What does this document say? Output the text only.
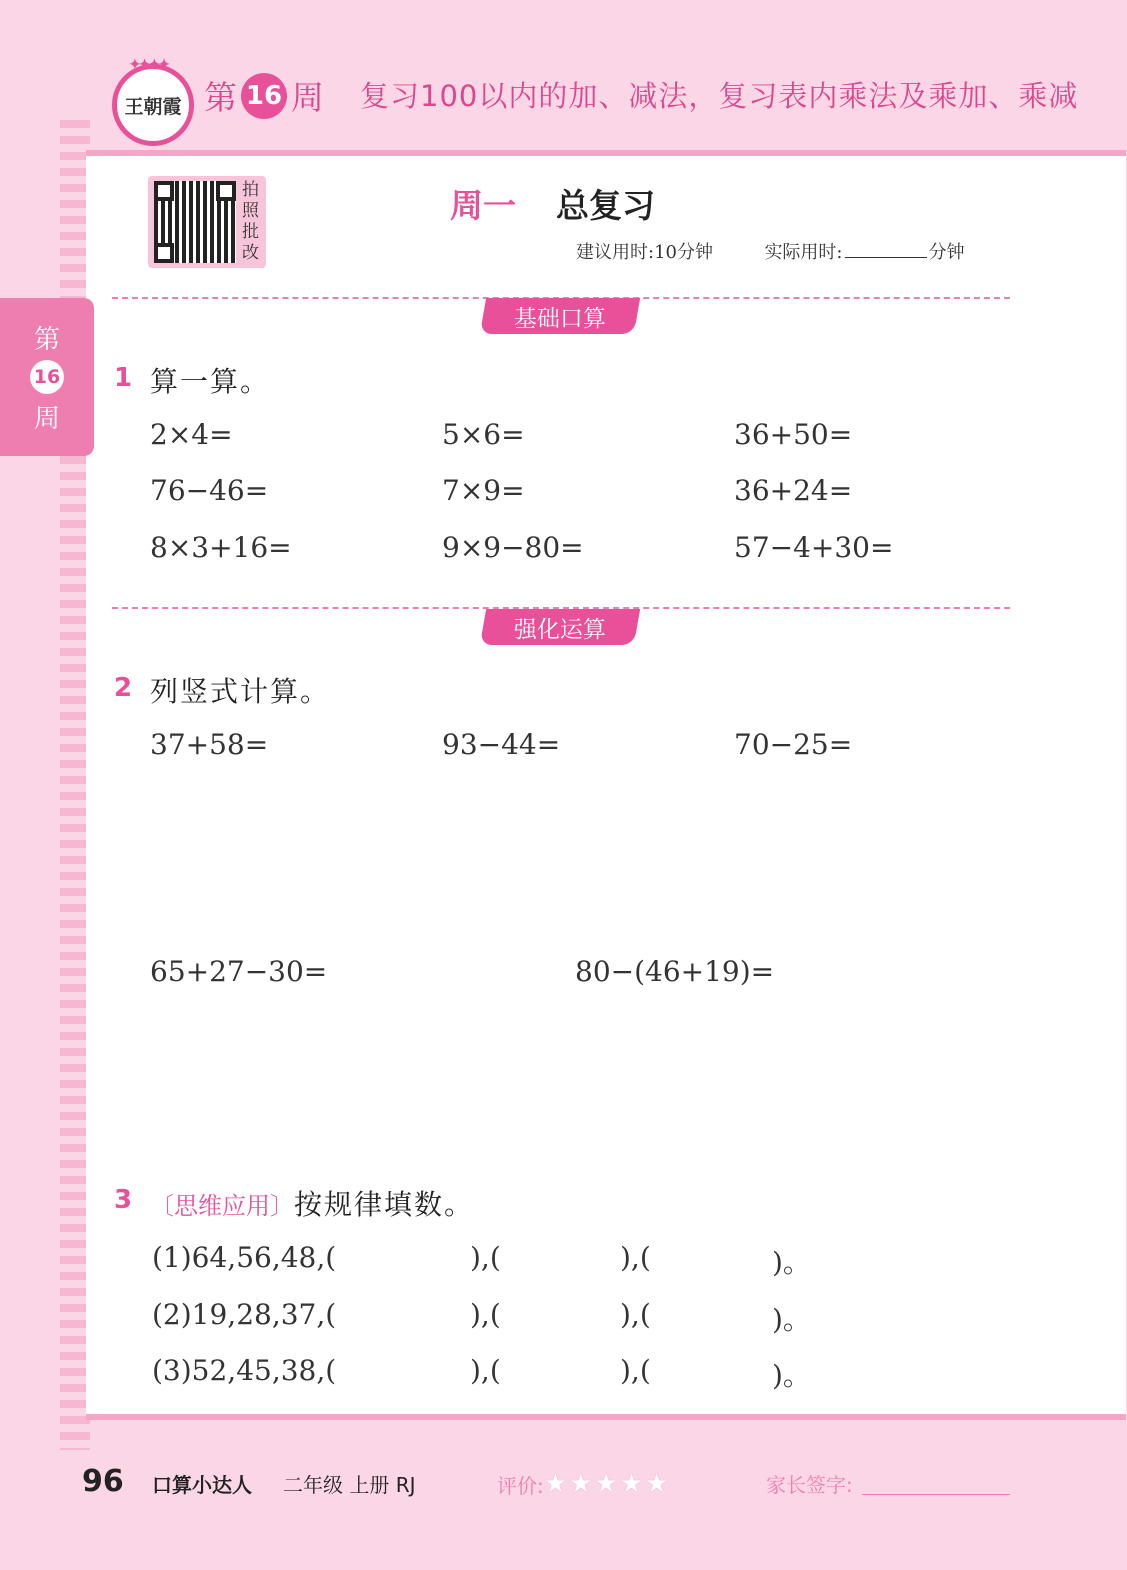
✦✦✦✦
王朝霞 第 16 周 复习100以内的加、减法，复习表内乘法及乘加、乘减
第
16
周
拍照批改
周一 总复习
建议用时:10分钟	实际用时:	分钟
基础口算
1 算一算。
2×4=	5×6=	36+50=
76−46=	7×9=	36+24=
8×3+16=	9×9−80=	57−4+30=
强化运算
2 列竖式计算。
37+58=	93−44=	70−25=
65+27−30=	80−(46+19)=
3 〔思维应用〕按规律填数。
(1)64,56,48,(	),(	),(	)。
(2)19,28,37,(	),(	),(	)。
(3)52,45,38,(	),(	),(	)。
96 口算小达人 二年级 上册 RJ	评价: ★ ★ ★ ★ ★	家长签字:
